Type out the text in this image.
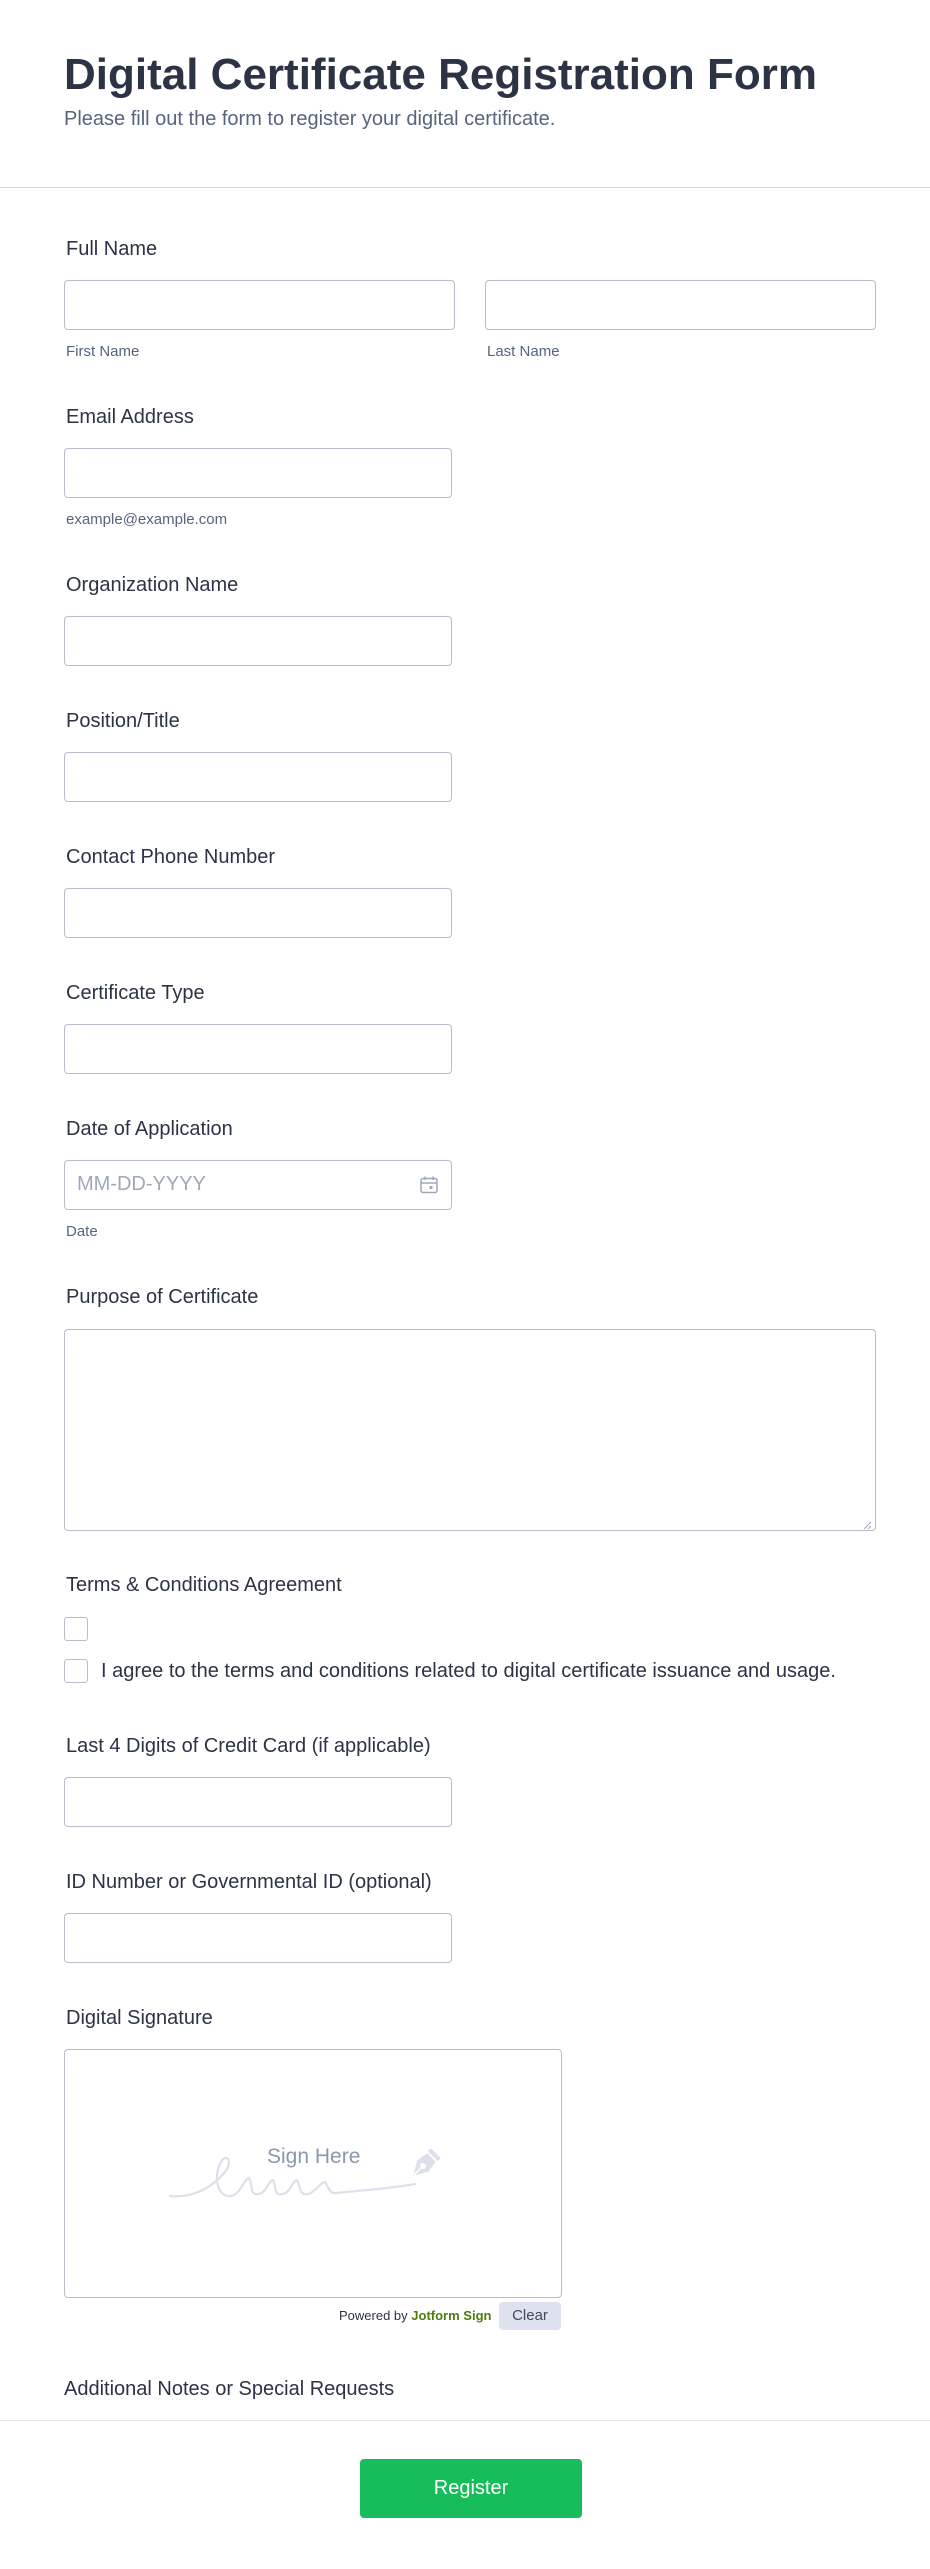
Digital Certificate Registration Form
Please fill out the form to register your digital certificate.
Full Name
First Name	Last Name
Email Address
example@example.com
Organization Name
Position/Title
Contact Phone Number
Certificate Type
Date of Application
MM-DD-YYYY
Date
Purpose of Certificate
Terms & Conditions Agreement
I agree to the terms and conditions related to digital certificate issuance and usage.
Last 4 Digits of Credit Card (if applicable)
ID Number or Governmental ID (optional)
Digital Signature
Sign Here
Powered by Jotform Sign	Clear
Additional Notes or Special Requests
Register
